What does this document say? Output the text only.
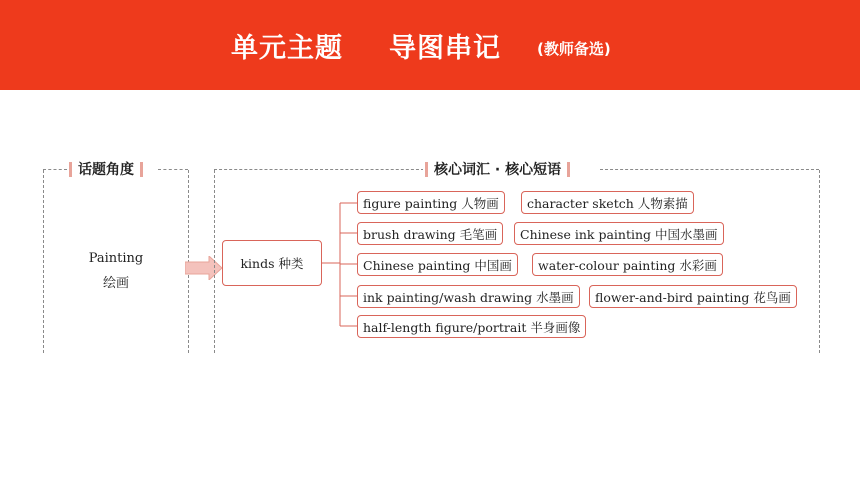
单元主题 导图串记 (教师备选)
话题角度
Painting
绘画
核心词汇 · 核心短语
kinds 种类
figure painting 人物画	character sketch 人物素描
brush drawing 毛笔画	Chinese ink painting 中国水墨画
Chinese painting 中国画	water-colour painting 水彩画
ink painting/wash drawing 水墨画	flower-and-bird painting 花鸟画
half-length figure/portrait 半身画像
